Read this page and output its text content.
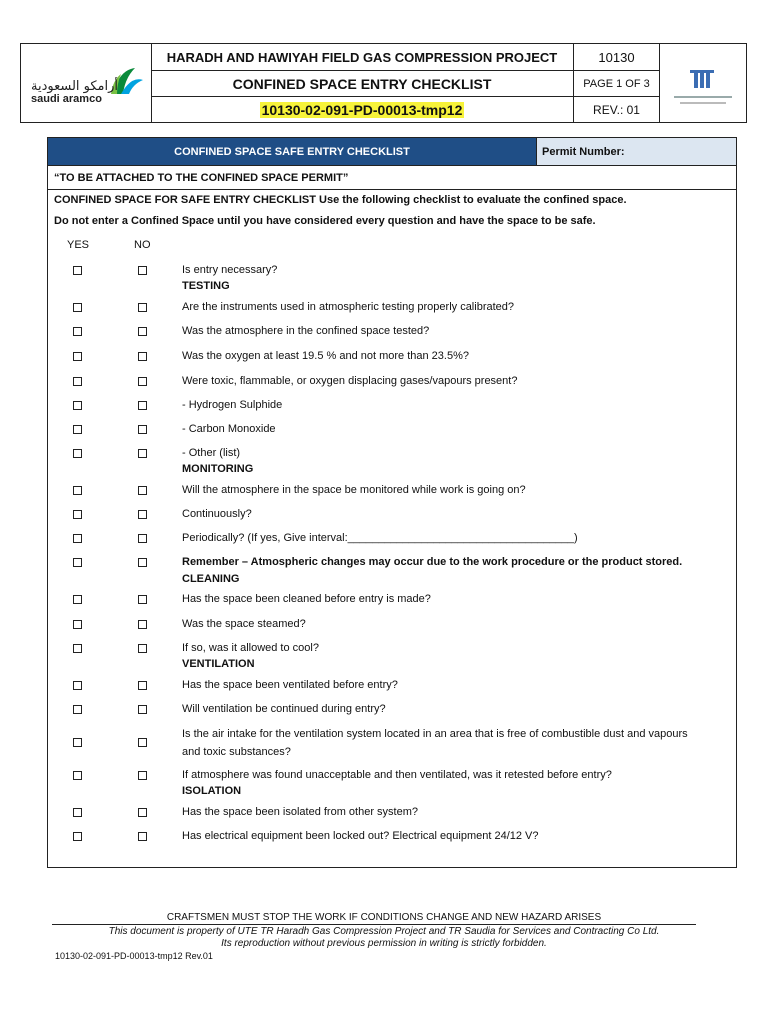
أرامكو السعودية
saudi aramco
HARADH AND HAWIYAH FIELD GAS COMPRESSION PROJECT
CONFINED SPACE ENTRY CHECKLIST
10130-02-091-PD-00013-tmp12
10130
PAGE 1 OF 3
REV.: 01
CONFINED SPACE SAFE ENTRY CHECKLIST	Permit Number:
“TO BE ATTACHED TO THE CONFINED SPACE PERMIT”
CONFINED SPACE FOR SAFE ENTRY CHECKLIST Use the following checklist to evaluate the confined space.
Do not enter a Confined Space until you have considered every question and have the space to be safe.
YES	NO
Is entry necessary?
TESTING
Are the instruments used in atmospheric testing properly calibrated?
Was the atmosphere in the confined space tested?
Was the oxygen at least 19.5 % and not more than 23.5%?
Were toxic, flammable, or oxygen displacing gases/vapours present?
- Hydrogen Sulphide
- Carbon Monoxide
- Other (list)
MONITORING
Will the atmosphere in the space be monitored while work is going on?
Continuously?
Periodically? (If yes, Give interval:_____________________________________)
Remember – Atmospheric changes may occur due to the work procedure or the product stored.
CLEANING
Has the space been cleaned before entry is made?
Was the space steamed?
If so, was it allowed to cool?
VENTILATION
Has the space been ventilated before entry?
Will ventilation be continued during entry?
Is the air intake for the ventilation system located in an area that is free of combustible dust and vapours
and toxic substances?
If atmosphere was found unacceptable and then ventilated, was it retested before entry?
ISOLATION
Has the space been isolated from other system?
Has electrical equipment been locked out? Electrical equipment 24/12 V?
CRAFTSMEN MUST STOP THE WORK IF CONDITIONS CHANGE AND NEW HAZARD ARISES
This document is property of UTE TR Haradh Gas Compression Project and TR Saudia for Services and Contracting Co Ltd.
Its reproduction without previous permission in writing is strictly forbidden.
10130-02-091-PD-00013-tmp12 Rev.01
